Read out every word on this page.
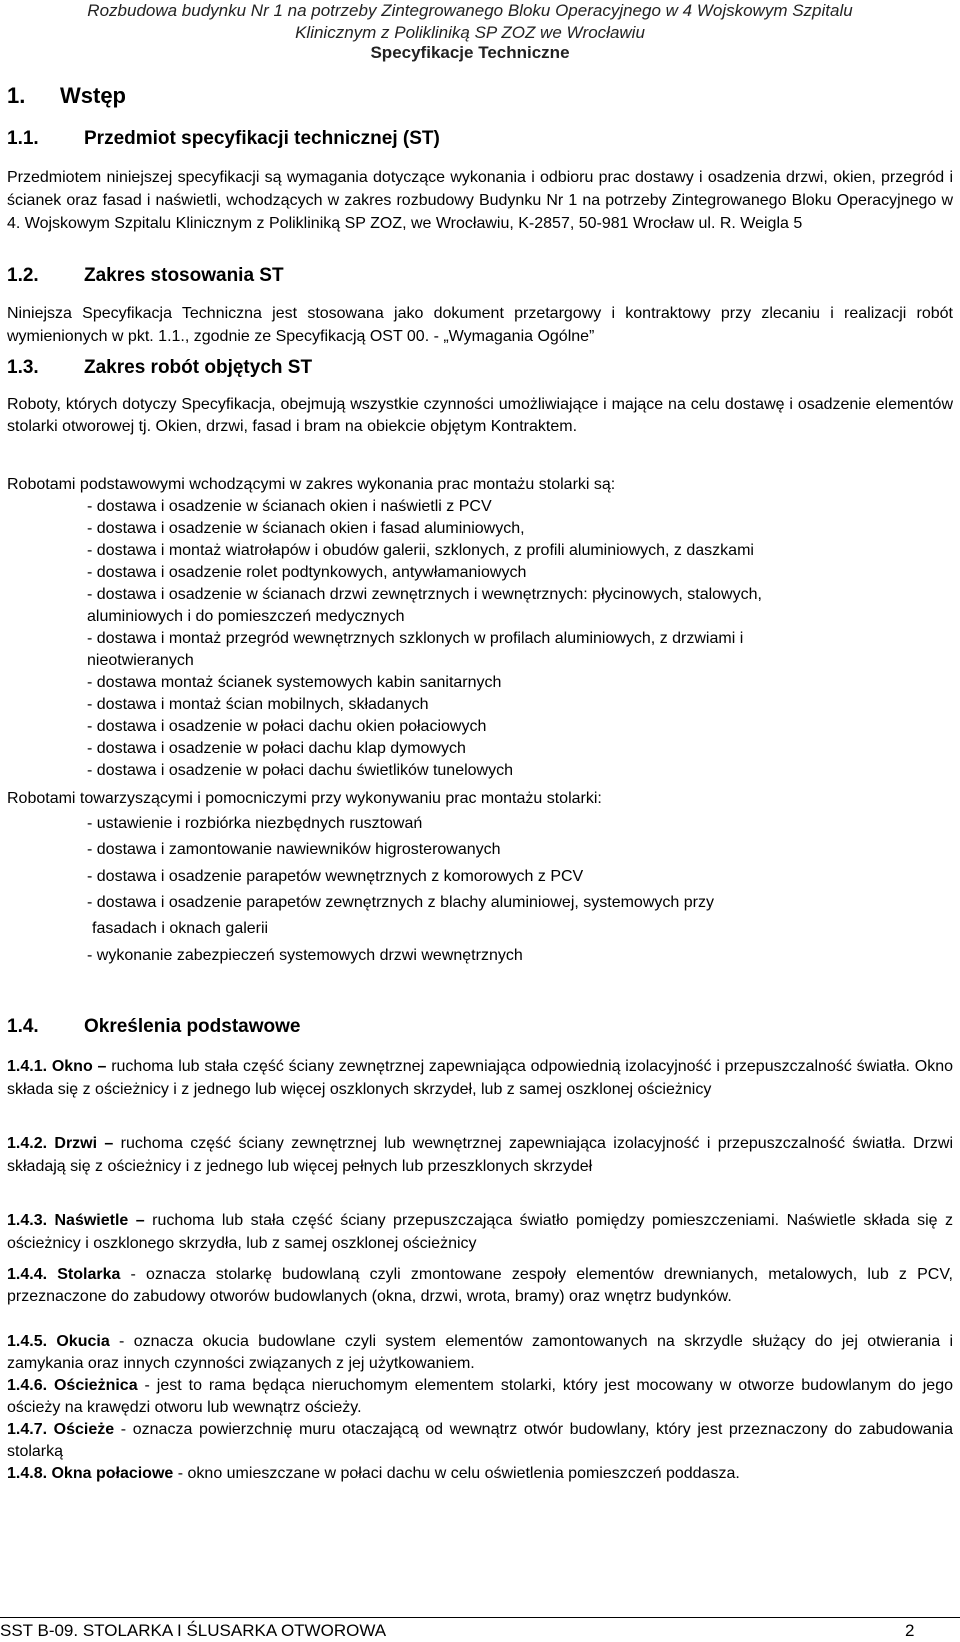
Rozbudowa budynku Nr 1 na potrzeby Zintegrowanego Bloku Operacyjnego w 4 Wojskowym Szpitalu
Klinicznym z Polikliniką SP ZOZ we Wrocławiu
Specyfikacje Techniczne
1. Wstęp
1.1. Przedmiot specyfikacji technicznej (ST)
Przedmiotem niniejszej specyfikacji są wymagania dotyczące wykonania i odbioru prac dostawy i osadzenia drzwi, okien, przegród i ścianek oraz fasad i naświetli, wchodzących w zakres rozbudowy Budynku Nr 1 na potrzeby Zintegrowanego Bloku Operacyjnego w 4. Wojskowym Szpitalu Klinicznym z Polikliniką SP ZOZ, we Wrocławiu, K-2857, 50-981 Wrocław ul. R. Weigla 5
1.2. Zakres stosowania ST
Niniejsza Specyfikacja Techniczna jest stosowana jako dokument przetargowy i kontraktowy przy zlecaniu i realizacji robót wymienionych w pkt. 1.1., zgodnie ze Specyfikacją OST 00. - „Wymagania Ogólne”
1.3. Zakres robót objętych ST
Roboty, których dotyczy Specyfikacja, obejmują wszystkie czynności umożliwiające i mające na celu dostawę i osadzenie elementów stolarki otworowej tj. Okien, drzwi, fasad i bram na obiekcie objętym Kontraktem.
Robotami podstawowymi wchodzącymi w zakres wykonania prac montażu stolarki są:
- dostawa i osadzenie w ścianach okien i naświetli z PCV
- dostawa i osadzenie w ścianach okien i fasad aluminiowych,
- dostawa i montaż wiatrołapów i obudów galerii, szklonych, z profili aluminiowych, z daszkami
- dostawa i osadzenie rolet podtynkowych, antywłamaniowych
- dostawa i osadzenie w ścianach drzwi zewnętrznych i wewnętrznych: płycinowych, stalowych,
aluminiowych i do pomieszczeń medycznych
- dostawa i montaż przegród wewnętrznych szklonych w profilach aluminiowych, z drzwiami i
nieotwieranych
- dostawa montaż ścianek systemowych kabin sanitarnych
- dostawa i montaż ścian mobilnych, składanych
- dostawa i osadzenie w połaci dachu okien połaciowych
- dostawa i osadzenie w połaci dachu klap dymowych
- dostawa i osadzenie w połaci dachu świetlików tunelowych
Robotami towarzyszącymi i pomocniczymi przy wykonywaniu prac montażu stolarki:
- ustawienie i rozbiórka niezbędnych rusztowań
- dostawa i zamontowanie nawiewników higrosterowanych
- dostawa i osadzenie parapetów wewnętrznych z komorowych z PCV
- dostawa i osadzenie parapetów zewnętrznych z blachy aluminiowej, systemowych przy
fasadach i oknach galerii
- wykonanie zabezpieczeń systemowych drzwi wewnętrznych
1.4. Określenia podstawowe
1.4.1. Okno – ruchoma lub stała część ściany zewnętrznej zapewniająca odpowiednią izolacyjność i przepuszczalność światła. Okno składa się z ościeżnicy i z jednego lub więcej oszklonych skrzydeł, lub z samej oszklonej ościeżnicy
1.4.2. Drzwi – ruchoma część ściany zewnętrznej lub wewnętrznej zapewniająca izolacyjność i przepuszczalność światła. Drzwi składają się z ościeżnicy i z jednego lub więcej pełnych lub przeszklonych skrzydeł
1.4.3. Naświetle – ruchoma lub stała część ściany przepuszczająca światło pomiędzy pomieszczeniami. Naświetle składa się z ościeżnicy i oszklonego skrzydła, lub z samej oszklonej ościeżnicy
1.4.4. Stolarka - oznacza stolarkę budowlaną czyli zmontowane zespoły elementów drewnianych, metalowych, lub z PCV, przeznaczone do zabudowy otworów budowlanych (okna, drzwi, wrota, bramy) oraz wnętrz budynków.
1.4.5. Okucia - oznacza okucia budowlane czyli system elementów zamontowanych na skrzydle służący do jej otwierania i zamykania oraz innych czynności związanych z jej użytkowaniem.
1.4.6. Ościeżnica - jest to rama będąca nieruchomym elementem stolarki, który jest mocowany w otworze budowlanym do jego ościeży na krawędzi otworu lub wewnątrz ościeży.
1.4.7. Ościeże - oznacza powierzchnię muru otaczającą od wewnątrz otwór budowlany, który jest przeznaczony do zabudowania stolarką
1.4.8. Okna połaciowe - okno umieszczane w połaci dachu w celu oświetlenia pomieszczeń poddasza.
SST B-09. STOLARKA I ŚLUSARKA OTWOROWA	2
